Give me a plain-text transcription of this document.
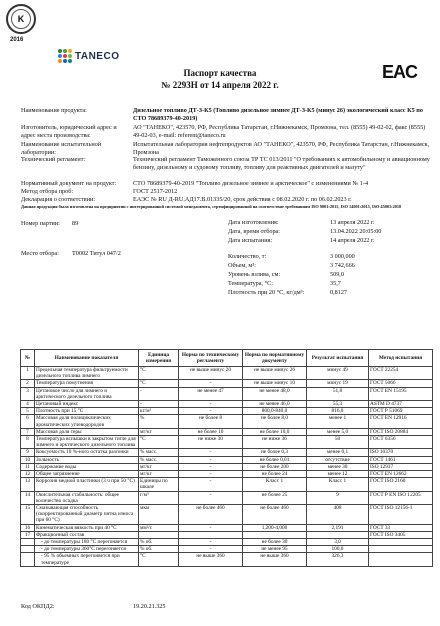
K
2016
TANECO
Паспорт качества
№ 2293Н от 14 апреля 2022 г.
EAC
Наименование продукта:	Дизельное топливо ДТ-З-К5 (Топливо дизельное зимнее ДТ-З-К5 (минус 26) экологический класс К5 по СТО 78689379-40-2019)
Изготовитель, юридический адрес и адрес места производства:
АО "ТАНЕКО", 423570, РФ, Республика Татарстан, г.Нижнекамск, Промзона, тел. (8555) 49-02-02, факс (8555) 49-02-03, e-mail: referent@taneco.ru
Наименование испытательной лаборатории:
Испытательная лаборатория нефтепродуктов АО "ТАНЕКО", 423570, РФ, Республика Татарстан, г.Нижнекамск, Промзона
Технический регламент:	Технический регламент Таможенного союза ТР ТС 013/2011 "О требованиях к автомобильному и авиационному бензину, дизельному и судовому топливу, топливу для реактивных двигателей и мазуту"
Нормативный документ на продукт:	СТО 78689379-40-2019 "Топливо дизельное зимнее и арктическое" с изменениями № 1-4
Метод отбора проб:	ГОСТ 2517-2012
Декларация о соответствии:	ЕАЭС № RU Д-RU.АД17.В.01335/20, срок действия с 08.02.2020 г. по 06.02.2023 г.
Данная продукция была изготовлена на предприятии с интегрированной системой менеджмента, сертифицированной на соответствие требованиям ISO 9001:2015, ISO 14001:2015, ISO 45001:2018
Номер партии:	89
Место отбора:	Т0002 Титул 047/2
Дата изготовления:	13 апреля 2022 г.
Дата, время отбора:	13.04.2022 20:05:00
Дата испытания:	14 апреля 2022 г.
Количество, т:	3 000,000
Объем, м³:	3 742,666
Уровень взлива, см:	509,0
Температура, °С:	35,7
Плотность при 20 °С, кг/дм³:	0,8127
№	Наименование показателя	Единица измерения	Норма по техническому регламенту	Норма по нормативному документу	Результат испытания	Метод испытания
1	Предельная температура фильтруемости дизельного топлива зимнего	°С	не выше минус 20	не выше минус 26	минус 49	ГОСТ 22254
2	Температура помутнения	°С	-	не выше минус 10	минус 19	ГОСТ 5066
3	Цетановое число для зимнего и арктического дизельного топлива	-	не менее 47	не менее 48,0	51,8	ГОСТ EN 15195
4	Цетановый индекс	-	-	не менее 46,0	55,3	ASTM D 4737
5	Плотность при 15 °С	кг/м³	-	800,0-840,0	816,0	ГОСТ Р 51069
6	Массовая доля полициклических ароматических углеводородов	%	не более 8	не более 8,0	менее 1	ГОСТ EN 12916
7	Массовая доля серы	мг/кг	не более 10	не более 10,0	менее 5,0	ГОСТ ISO 20884
8	Температура вспышки в закрытом тигле для зимнего и арктического дизельного топлива	°С	не ниже 30	не ниже 36	50	ГОСТ 6356
9	Коксуемость 10 %-ного остатка разгонки	% масс.	-	не более 0,3	менее 0,1	ISO 10370
10	Зольность	% масс.	-	не более 0,01	отсутствие	ГОСТ 1461
11	Содержание воды	мг/кг	-	не более 200	менее 30	ISO 12937
12	Общее загрязнение	мг/кг	-	не более 24	менее 12	ГОСТ EN 12662
13	Коррозия медной пластинки (3 ч при 50 °С)	Единицы по шкале	-	Класс 1	Класс 1	ГОСТ ISO 2160
14	Окислительная стабильность: общее количество осадка	г/м³	-	не более 25	9	ГОСТ Р EN ISO 12205
15	Смазывающая способность (скорректированный диаметр пятна износа при 60 °С)	мкм	не более 460	не более 460	408	ГОСТ ISO 12156-1
16	Кинематическая вязкость при 40 °С	мм²/с	-	1,200-4,000	2,191	ГОСТ 33
17	Фракционный состав					ГОСТ ISO 3405
	- до температуры 180 °С перегоняется	% об.	-	не более 30	3,0	
	- до температуры 360°С перегоняется	% об.	-	не менее 95	100,0	
	- 95 % объемных перегоняется при температуре	°С	не выше 360	не выше 360	326,3	
Код ОКПД2:	19.20.21.325
